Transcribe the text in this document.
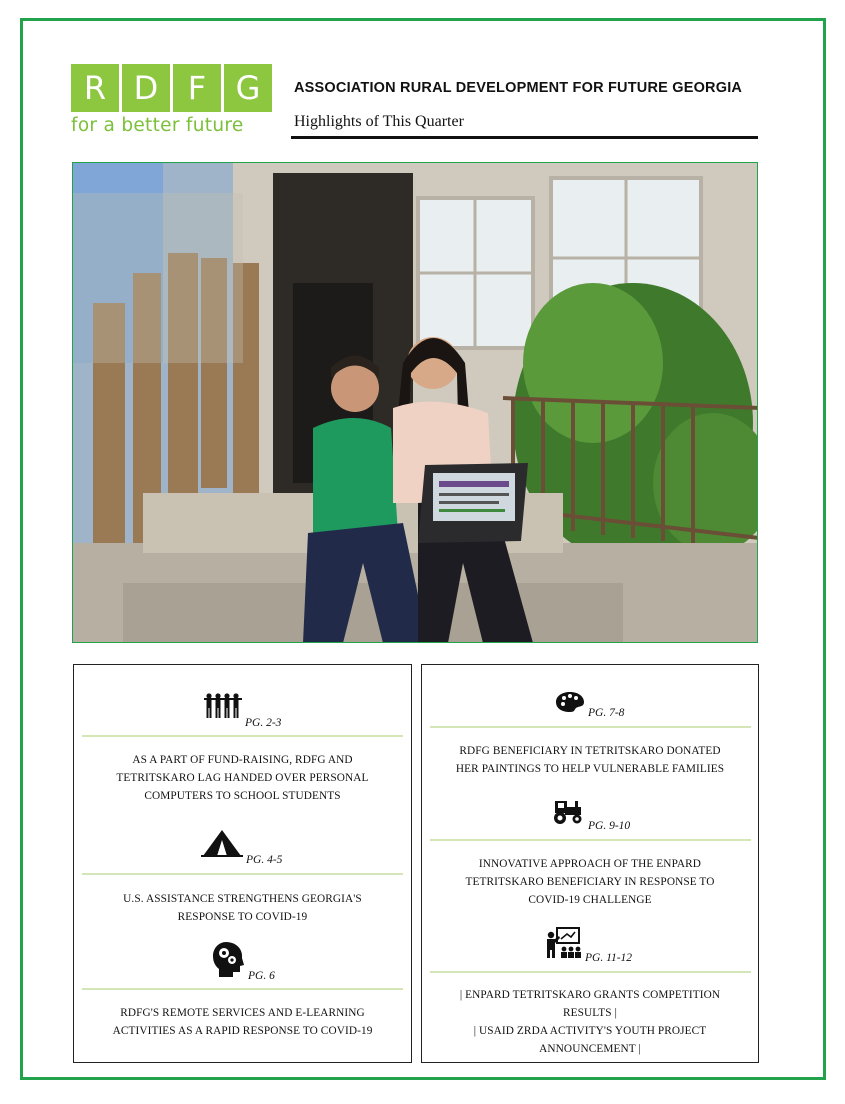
R D F G
for a better future
ASSOCIATION RURAL DEVELOPMENT FOR FUTURE GEORGIA
Highlights of This Quarter
PG. 2-3
AS A PART OF FUND-RAISING, RDFG AND
TETRITSKARO LAG HANDED OVER PERSONAL
COMPUTERS TO SCHOOL STUDENTS
PG. 4-5
U.S. ASSISTANCE STRENGTHENS GEORGIA'S
RESPONSE TO COVID-19
PG. 6
RDFG'S REMOTE SERVICES AND E-LEARNING
ACTIVITIES AS A RAPID RESPONSE TO COVID-19
PG. 7-8
RDFG BENEFICIARY IN TETRITSKARO DONATED
HER PAINTINGS TO HELP VULNERABLE FAMILIES
PG. 9-10
INNOVATIVE APPROACH OF THE ENPARD
TETRITSKARO BENEFICIARY IN RESPONSE TO
COVID-19 CHALLENGE
PG. 11-12
| ENPARD TETRITSKARO GRANTS COMPETITION
RESULTS |
| USAID ZRDA ACTIVITY'S YOUTH PROJECT
ANNOUNCEMENT |
